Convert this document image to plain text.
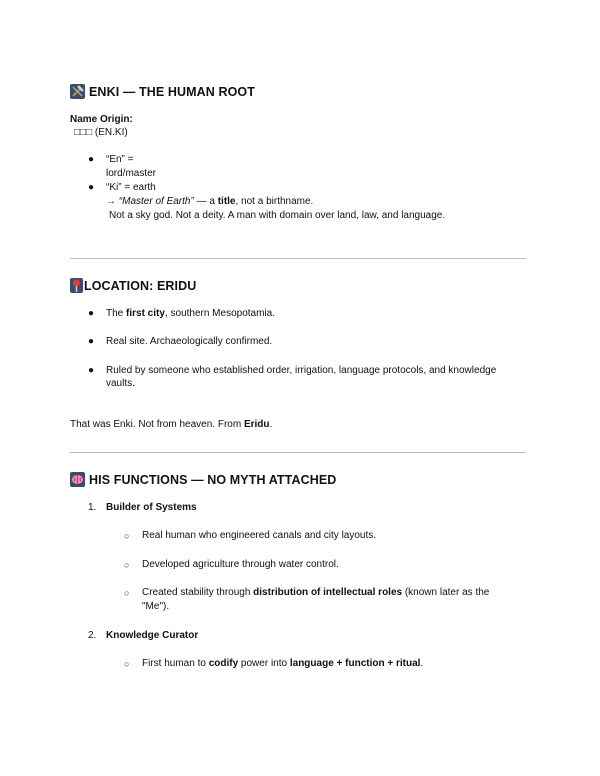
ENKI — THE HUMAN ROOT
Name Origin:
□□□ (EN.KI)
● “En” = lord/master
● “Ki” = earth
→ “Master of Earth” — a title, not a birthname.
Not a sky god. Not a deity. A man with domain over land, law, and language.
LOCATION: ERIDU
● The first city, southern Mesopotamia.
● Real site. Archaeologically confirmed.
● Ruled by someone who established order, irrigation, language protocols, and knowledge
vaults.
That was Enki. Not from heaven. From Eridu.
HIS FUNCTIONS — NO MYTH ATTACHED
1. Builder of Systems
○ Real human who engineered canals and city layouts.
○ Developed agriculture through water control.
○ Created stability through distribution of intellectual roles (known later as the
"Me").
2. Knowledge Curator
○ First human to codify power into language + function + ritual.
